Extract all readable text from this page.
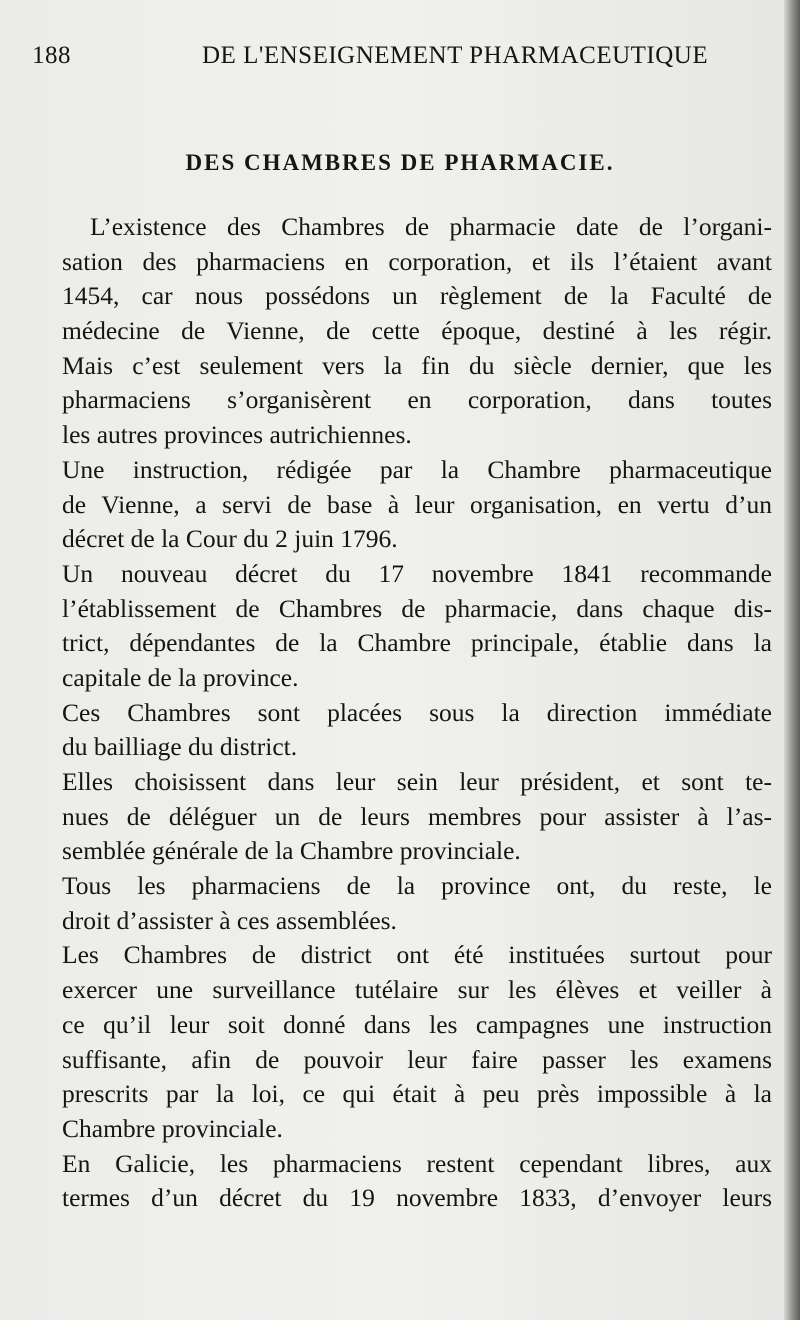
188	DE L'ENSEIGNEMENT PHARMACEUTIQUE
DES CHAMBRES DE PHARMACIE.
L’existence des Chambres de pharmacie date de l’organi-
sation des pharmaciens en corporation, et ils l’étaient avant
1454, car nous possédons un règlement de la Faculté de
médecine de Vienne, de cette époque, destiné à les régir.
Mais c’est seulement vers la fin du siècle dernier, que les
pharmaciens s’organisèrent en corporation, dans toutes
les autres provinces autrichiennes.
Une instruction, rédigée par la Chambre pharmaceutique
de Vienne, a servi de base à leur organisation, en vertu d’un
décret de la Cour du 2 juin 1796.
Un nouveau décret du 17 novembre 1841 recommande
l’établissement de Chambres de pharmacie, dans chaque dis-
trict, dépendantes de la Chambre principale, établie dans la
capitale de la province.
Ces Chambres sont placées sous la direction immédiate
du bailliage du district.
Elles choisissent dans leur sein leur président, et sont te-
nues de déléguer un de leurs membres pour assister à l’as-
semblée générale de la Chambre provinciale.
Tous les pharmaciens de la province ont, du reste, le
droit d’assister à ces assemblées.
Les Chambres de district ont été instituées surtout pour
exercer une surveillance tutélaire sur les élèves et veiller à
ce qu’il leur soit donné dans les campagnes une instruction
suffisante, afin de pouvoir leur faire passer les examens
prescrits par la loi, ce qui était à peu près impossible à la
Chambre provinciale.
En Galicie, les pharmaciens restent cependant libres, aux
termes d’un décret du 19 novembre 1833, d’envoyer leurs
